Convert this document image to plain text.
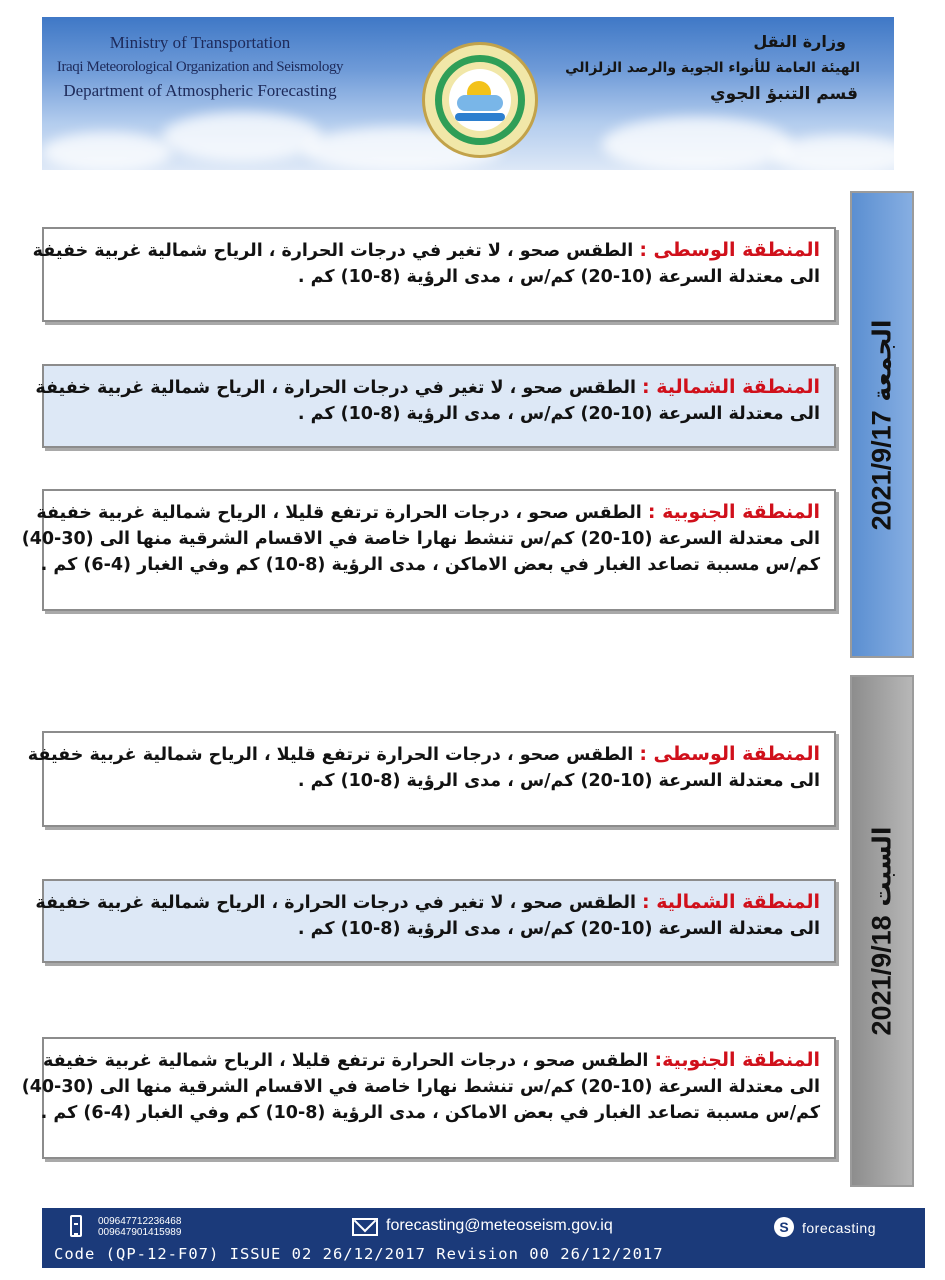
Ministry of Transportation
Iraqi Meteorological Organization and Seismology
Department of Atmospheric Forecasting
وزارة النقل
الهيئة العامة للأنواء الجوية والرصد الزلزالي
قسم التنبؤ الجوي
2021/9/17 الجمعة
2021/9/18 السبت
المنطقة الوسطى : الطقس صحو ، لا تغير في درجات الحرارة ، الرياح شمالية غربية خفيفة
الى معتدلة السرعة (10-20) كم/س ، مدى الرؤية (8-10) كم .
المنطقة الشمالية : الطقس صحو ، لا تغير في درجات الحرارة ، الرياح شمالية غربية خفيفة
الى معتدلة السرعة (10-20) كم/س ، مدى الرؤية (8-10) كم .
المنطقة الجنوبية : الطقس صحو ، درجات الحرارة ترتفع قليلا ، الرياح شمالية غربية خفيفة
الى معتدلة السرعة (10-20) كم/س تنشط نهارا خاصة في الاقسام الشرقية منها الى (30-40)
كم/س مسببة تصاعد الغبار في بعض الاماكن ، مدى الرؤية (8-10) كم وفي الغبار (4-6) كم .
المنطقة الوسطى : الطقس صحو ، درجات الحرارة ترتفع قليلا ، الرياح شمالية غربية خفيفة
الى معتدلة السرعة (10-20) كم/س ، مدى الرؤية (8-10) كم .
المنطقة الشمالية : الطقس صحو ، لا تغير في درجات الحرارة ، الرياح شمالية غربية خفيفة
الى معتدلة السرعة (10-20) كم/س ، مدى الرؤية (8-10) كم .
المنطقة الجنوبية: الطقس صحو ، درجات الحرارة ترتفع قليلا ، الرياح شمالية غربية خفيفة
الى معتدلة السرعة (10-20) كم/س تنشط نهارا خاصة في الاقسام الشرقية منها الى (30-40)
كم/س مسببة تصاعد الغبار في بعض الاماكن ، مدى الرؤية (8-10) كم وفي الغبار (4-6) كم .
009647712236468
009647901415989	forecasting@meteoseism.gov.iq	S forecasting
Code (QP-12-F07) ISSUE 02 26/12/2017 Revision 00 26/12/2017
